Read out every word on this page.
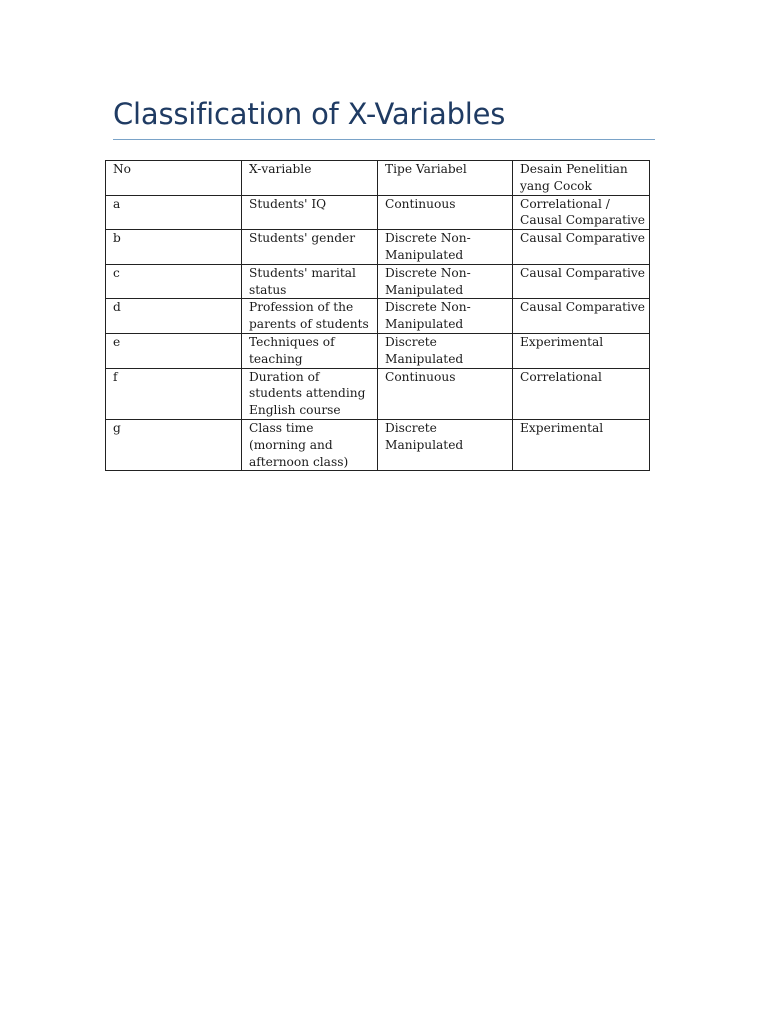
Classification of X-Variables
No	X-variable	Tipe Variabel	Desain Penelitian yang Cocok
a	Students' IQ	Continuous	Correlational / Causal Comparative
b	Students' gender	Discrete Non-Manipulated	Causal Comparative
c	Students' marital status	Discrete Non-Manipulated	Causal Comparative
d	Profession of the parents of students	Discrete Non-Manipulated	Causal Comparative
e	Techniques of teaching	Discrete Manipulated	Experimental
f	Duration of students attending English course	Continuous	Correlational
g	Class time (morning and afternoon class)	Discrete Manipulated	Experimental
